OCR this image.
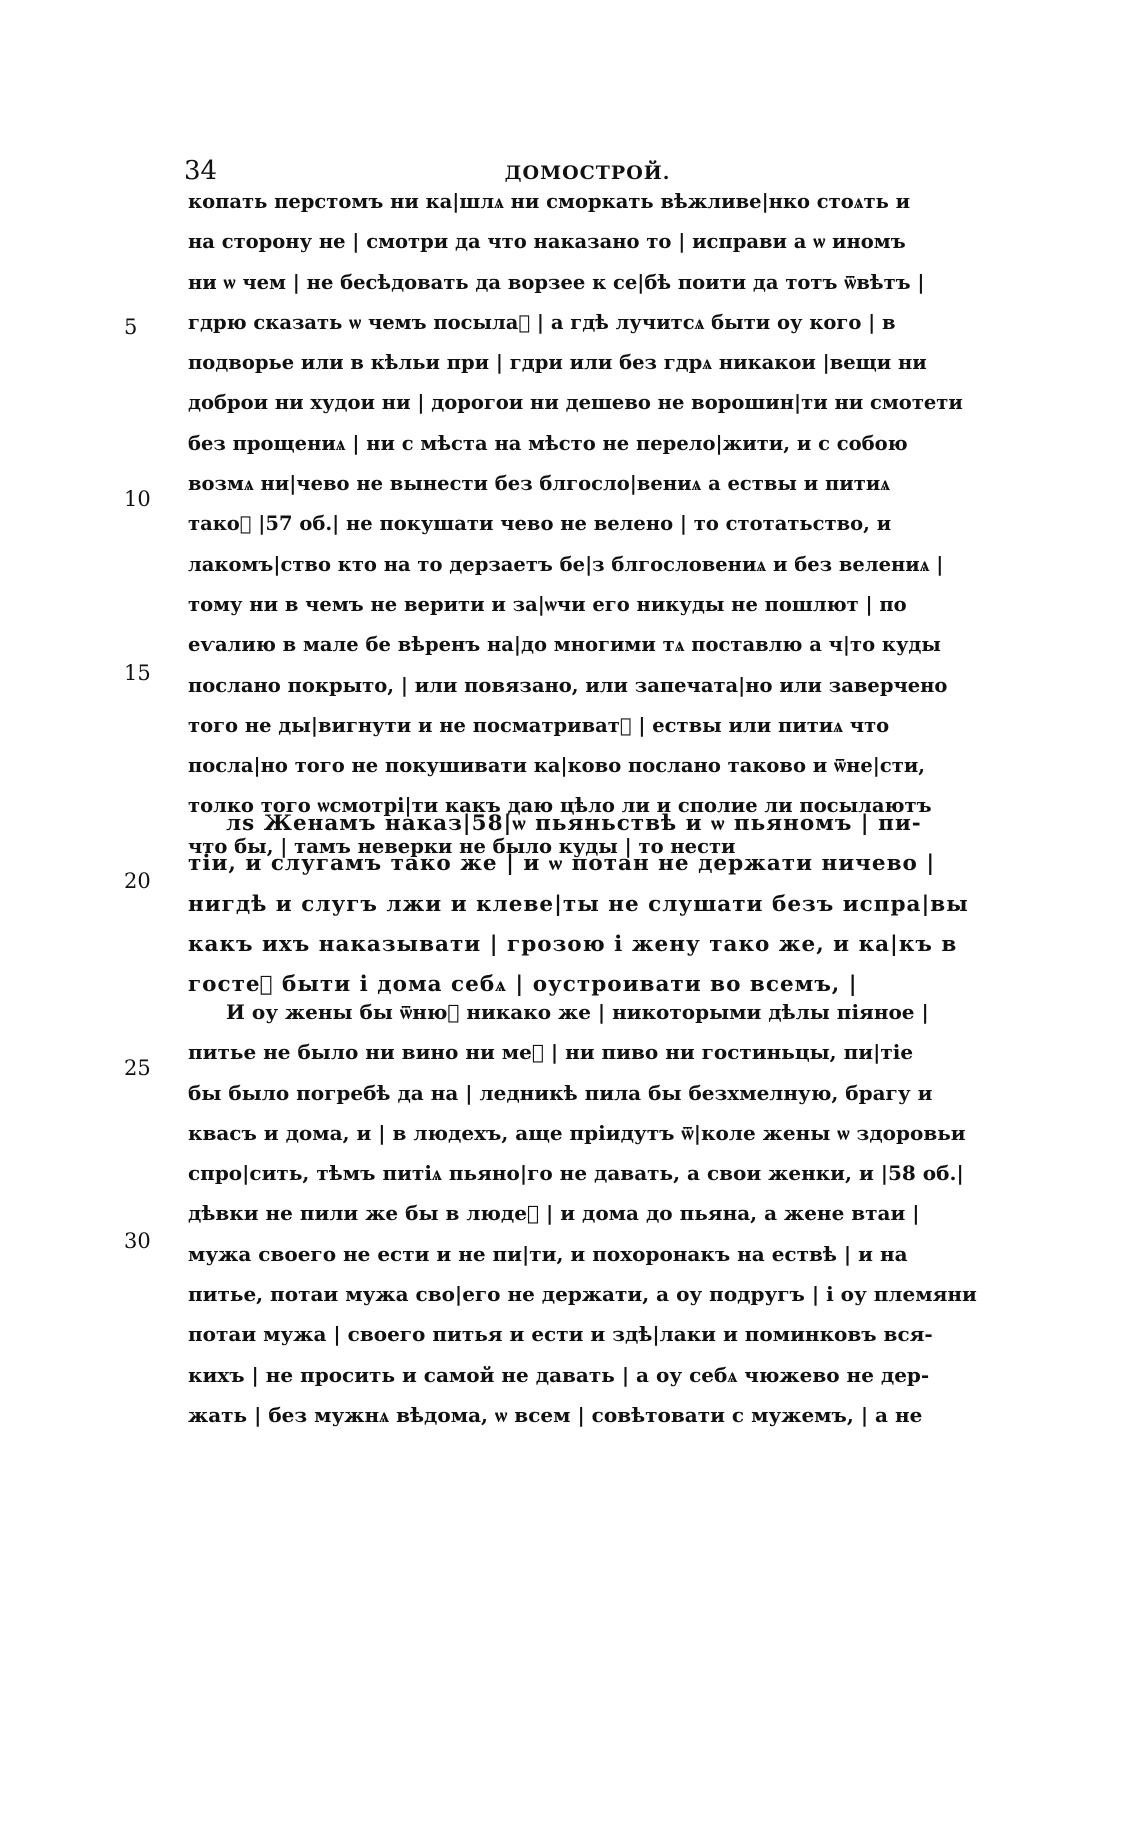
34	ДОМОСТРОЙ.
5
10
15
20
25
30
копать перстомъ ни ка|шлѧ ни сморкать вѣжливе|нко стоѧть и
на сторону не | смотри да что наказано то | исправи а ѡ иномъ
ни ѡ чем | не бесѣдовать да ворзее к се|бѣ поити да тотъ ѿвѣтъ |
гдрю сказать ѡ чемъ посылаⷮ | а гдѣ лучитсѧ быти оу кого | в
подворье или в кѣльи при | гдри или без гдрѧ никакои |вещи ни
доброи ни худои ни | дорогои ни дешево не ворошин|ти ни смотети
без прощениѧ | ни с мѣста на мѣсто не перело|жити, и с собою
возмѧ ни|чево не вынести без блгосло|вениѧ а ествы и питиѧ
такоⷤ |57 об.| не покушати чево не велено | то стотатьство, и
лакомъ|ство кто на то дерзаетъ бе|з блгословениѧ и без велениѧ |
тому ни в чемъ не верити и за|ѡчи его никуды не пошлют | по
еѵалию в мале бе вѣренъ на|до многими тѧ поставлю а ч|то куды
послано покрыто, | или повязано, или запечата|но или заверчено
того не ды|вигнути и не посматриватⷮ | ествы или питиѧ что
посла|но того не покушивати ка|ково послано таково и ѿне|сти,
толко того ѡсмотрі|ти какъ даю цѣло ли и сполие ли посылаютъ
что бы, | тамъ неверки не было куды | то нести
лѕ Женамъ наказ|58|ѡ пьяньствѣ и ѡ пьяномъ | пи-
тіи, и слугамъ тако же | и ѡ потан не держати ничево |
нигдѣ и слугъ лжи и клеве|ты не слушати безъ испра|вы
какъ ихъ наказывати | грозою і жену тако же, и ка|къ в
гостеⷯ быти і дома себѧ | оустроивати во всемъ, |
И оу жены бы ѿнюⷣ никако же | никоторыми дѣлы піяное |
питье не было ни вино ни меⷣ | ни пиво ни гостиньцы, пи|тіе
бы было погребѣ да на | ледникѣ пила бы безхмелную, брагу и
квасъ и дома, и | в людехъ, аще пріидутъ ѿ|коле жены ѡ здоровьи
спро|сить, тѣмъ питіѧ пьяно|го не давать, а свои женки, и |58 об.|
дѣвки не пили же бы в людеⷯ | и дома до пьяна, а жене втаи |
мужа своего не ести и не пи|ти, и похоронакъ на ествѣ | и на
питье, потаи мужа сво|его не держати, а оу подругъ | і оу племяни
потаи мужа | своего питья и ести и здѣ|лаки и поминковъ вся-
кихъ | не просить и самой не давать | а оу себѧ чюжево не дер-
жать | без мужнѧ вѣдома, ѡ всем | совѣтовати с мужемъ, | а не
